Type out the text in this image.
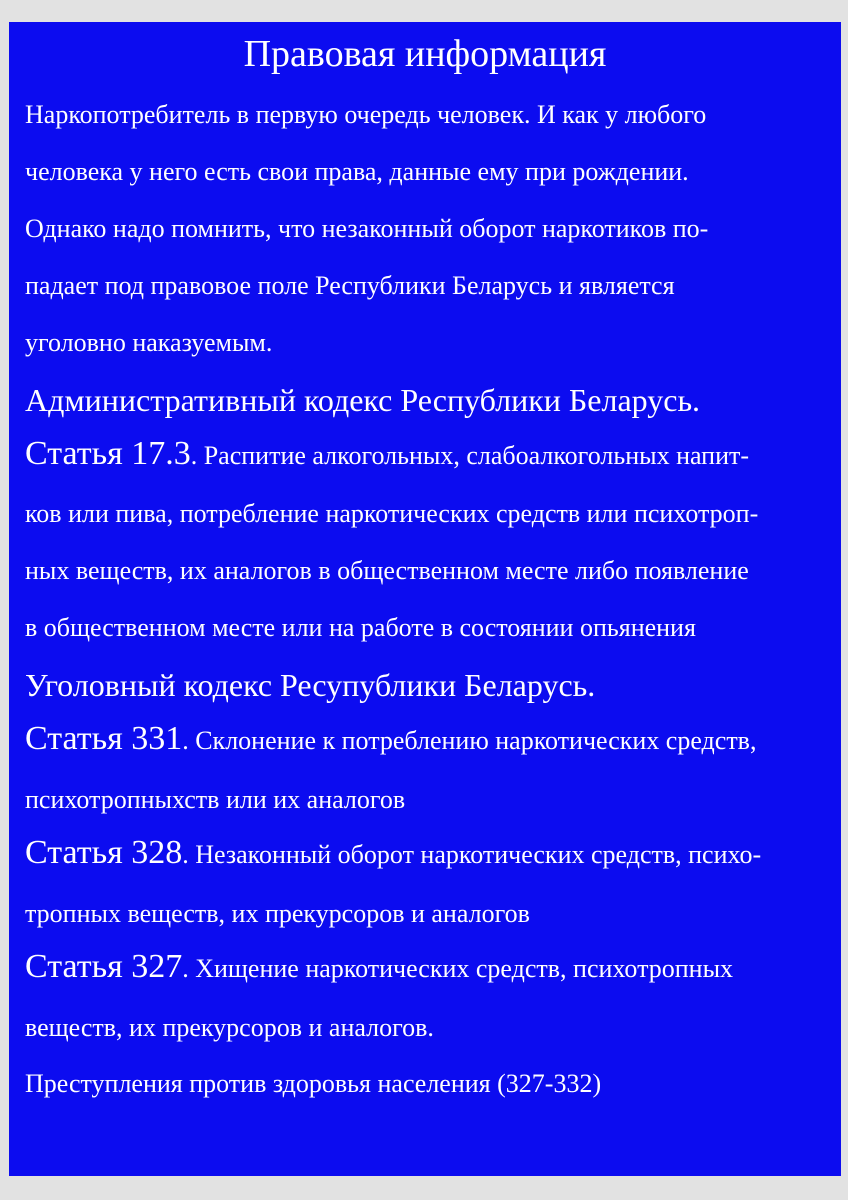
Правовая информация
Наркопотребитель в первую очередь человек. И как у любого
человека у него есть свои права, данные ему при рождении.
Однако надо помнить, что незаконный оборот наркотиков по-
падает под правовое поле Республики Беларусь и является
уголовно наказуемым.
Административный кодекс Республики Беларусь.
Статья 17.3. Распитие алкогольных, слабоалкогольных напит-
ков или пива, потребление наркотических средств или психотроп-
ных веществ, их аналогов в общественном месте либо появление
в общественном месте или на работе в состоянии опьянения
Уголовный кодекс Ресупублики Беларусь.
Статья 331. Склонение к потреблению наркотических средств,
психотропныхств или их аналогов
Статья 328. Незаконный оборот наркотических средств, психо-
тропных веществ, их прекурсоров и аналогов
Статья 327. Хищение наркотических средств, психотропных
веществ, их прекурсоров и аналогов.
Преступления против здоровья населения (327-332)
